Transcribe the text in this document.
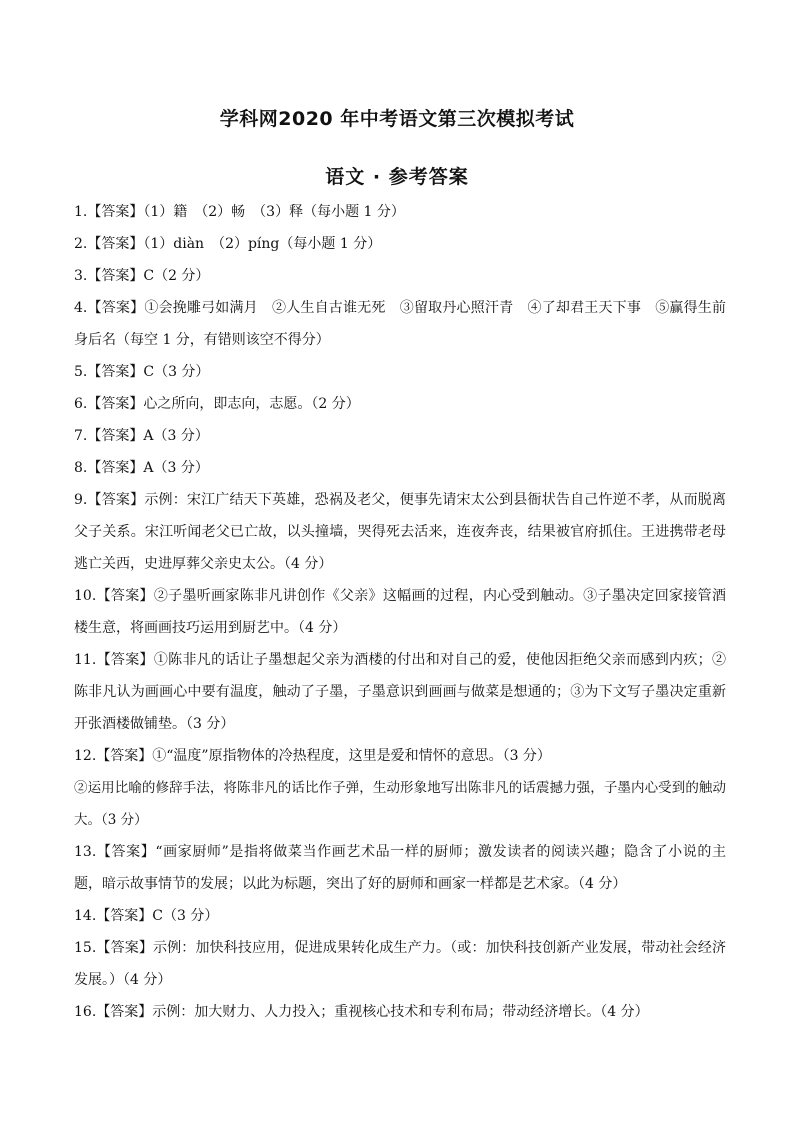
学科网2020 年中考语文第三次模拟考试
语文 · 参考答案

1.【答案】（1）籍　（2）畅　（3）释（每小题 1 分）

2.【答案】（1）diàn　（2）píng（每小题 1 分）

3.【答案】C（2 分）

4.【答案】①会挽雕弓如满月　②人生自古谁无死　③留取丹心照汗青　④了却君王天下事　⑤赢得生前身后名（每空 1 分，有错则该空不得分）

5.【答案】C（3 分）

6.【答案】心之所向，即志向，志愿。（2 分）

7.【答案】A（3 分）

8.【答案】A（3 分）

9.【答案】示例：宋江广结天下英雄，恐祸及老父，便事先请宋太公到县衙状告自己忤逆不孝，从而脱离父子关系。宋江听闻老父已亡故，以头撞墙，哭得死去活来，连夜奔丧，结果被官府抓住。王进携带老母逃亡关西，史进厚葬父亲史太公。（4 分）

10.【答案】②子墨听画家陈非凡讲创作《父亲》这幅画的过程，内心受到触动。③子墨决定回家接管酒楼生意，将画画技巧运用到厨艺中。（4 分）

11.【答案】①陈非凡的话让子墨想起父亲为酒楼的付出和对自己的爱，使他因拒绝父亲而感到内疚；②陈非凡认为画画心中要有温度，触动了子墨，子墨意识到画画与做菜是想通的；③为下文写子墨决定重新开张酒楼做铺垫。（3 分）

12.【答案】①“温度”原指物体的冷热程度，这里是爱和情怀的意思。（3 分）

②运用比喻的修辞手法，将陈非凡的话比作子弹，生动形象地写出陈非凡的话震撼力强，子墨内心受到的触动大。（3 分）

13.【答案】“画家厨师”是指将做菜当作画艺术品一样的厨师；激发读者的阅读兴趣；隐含了小说的主题，暗示故事情节的发展；以此为标题，突出了好的厨师和画家一样都是艺术家。（4 分）

14.【答案】C（3 分）

15.【答案】示例：加快科技应用，促进成果转化成生产力。（或：加快科技创新产业发展，带动社会经济发展。）（4 分）

16.【答案】示例：加大财力、人力投入；重视核心技术和专利布局；带动经济增长。（4 分）
